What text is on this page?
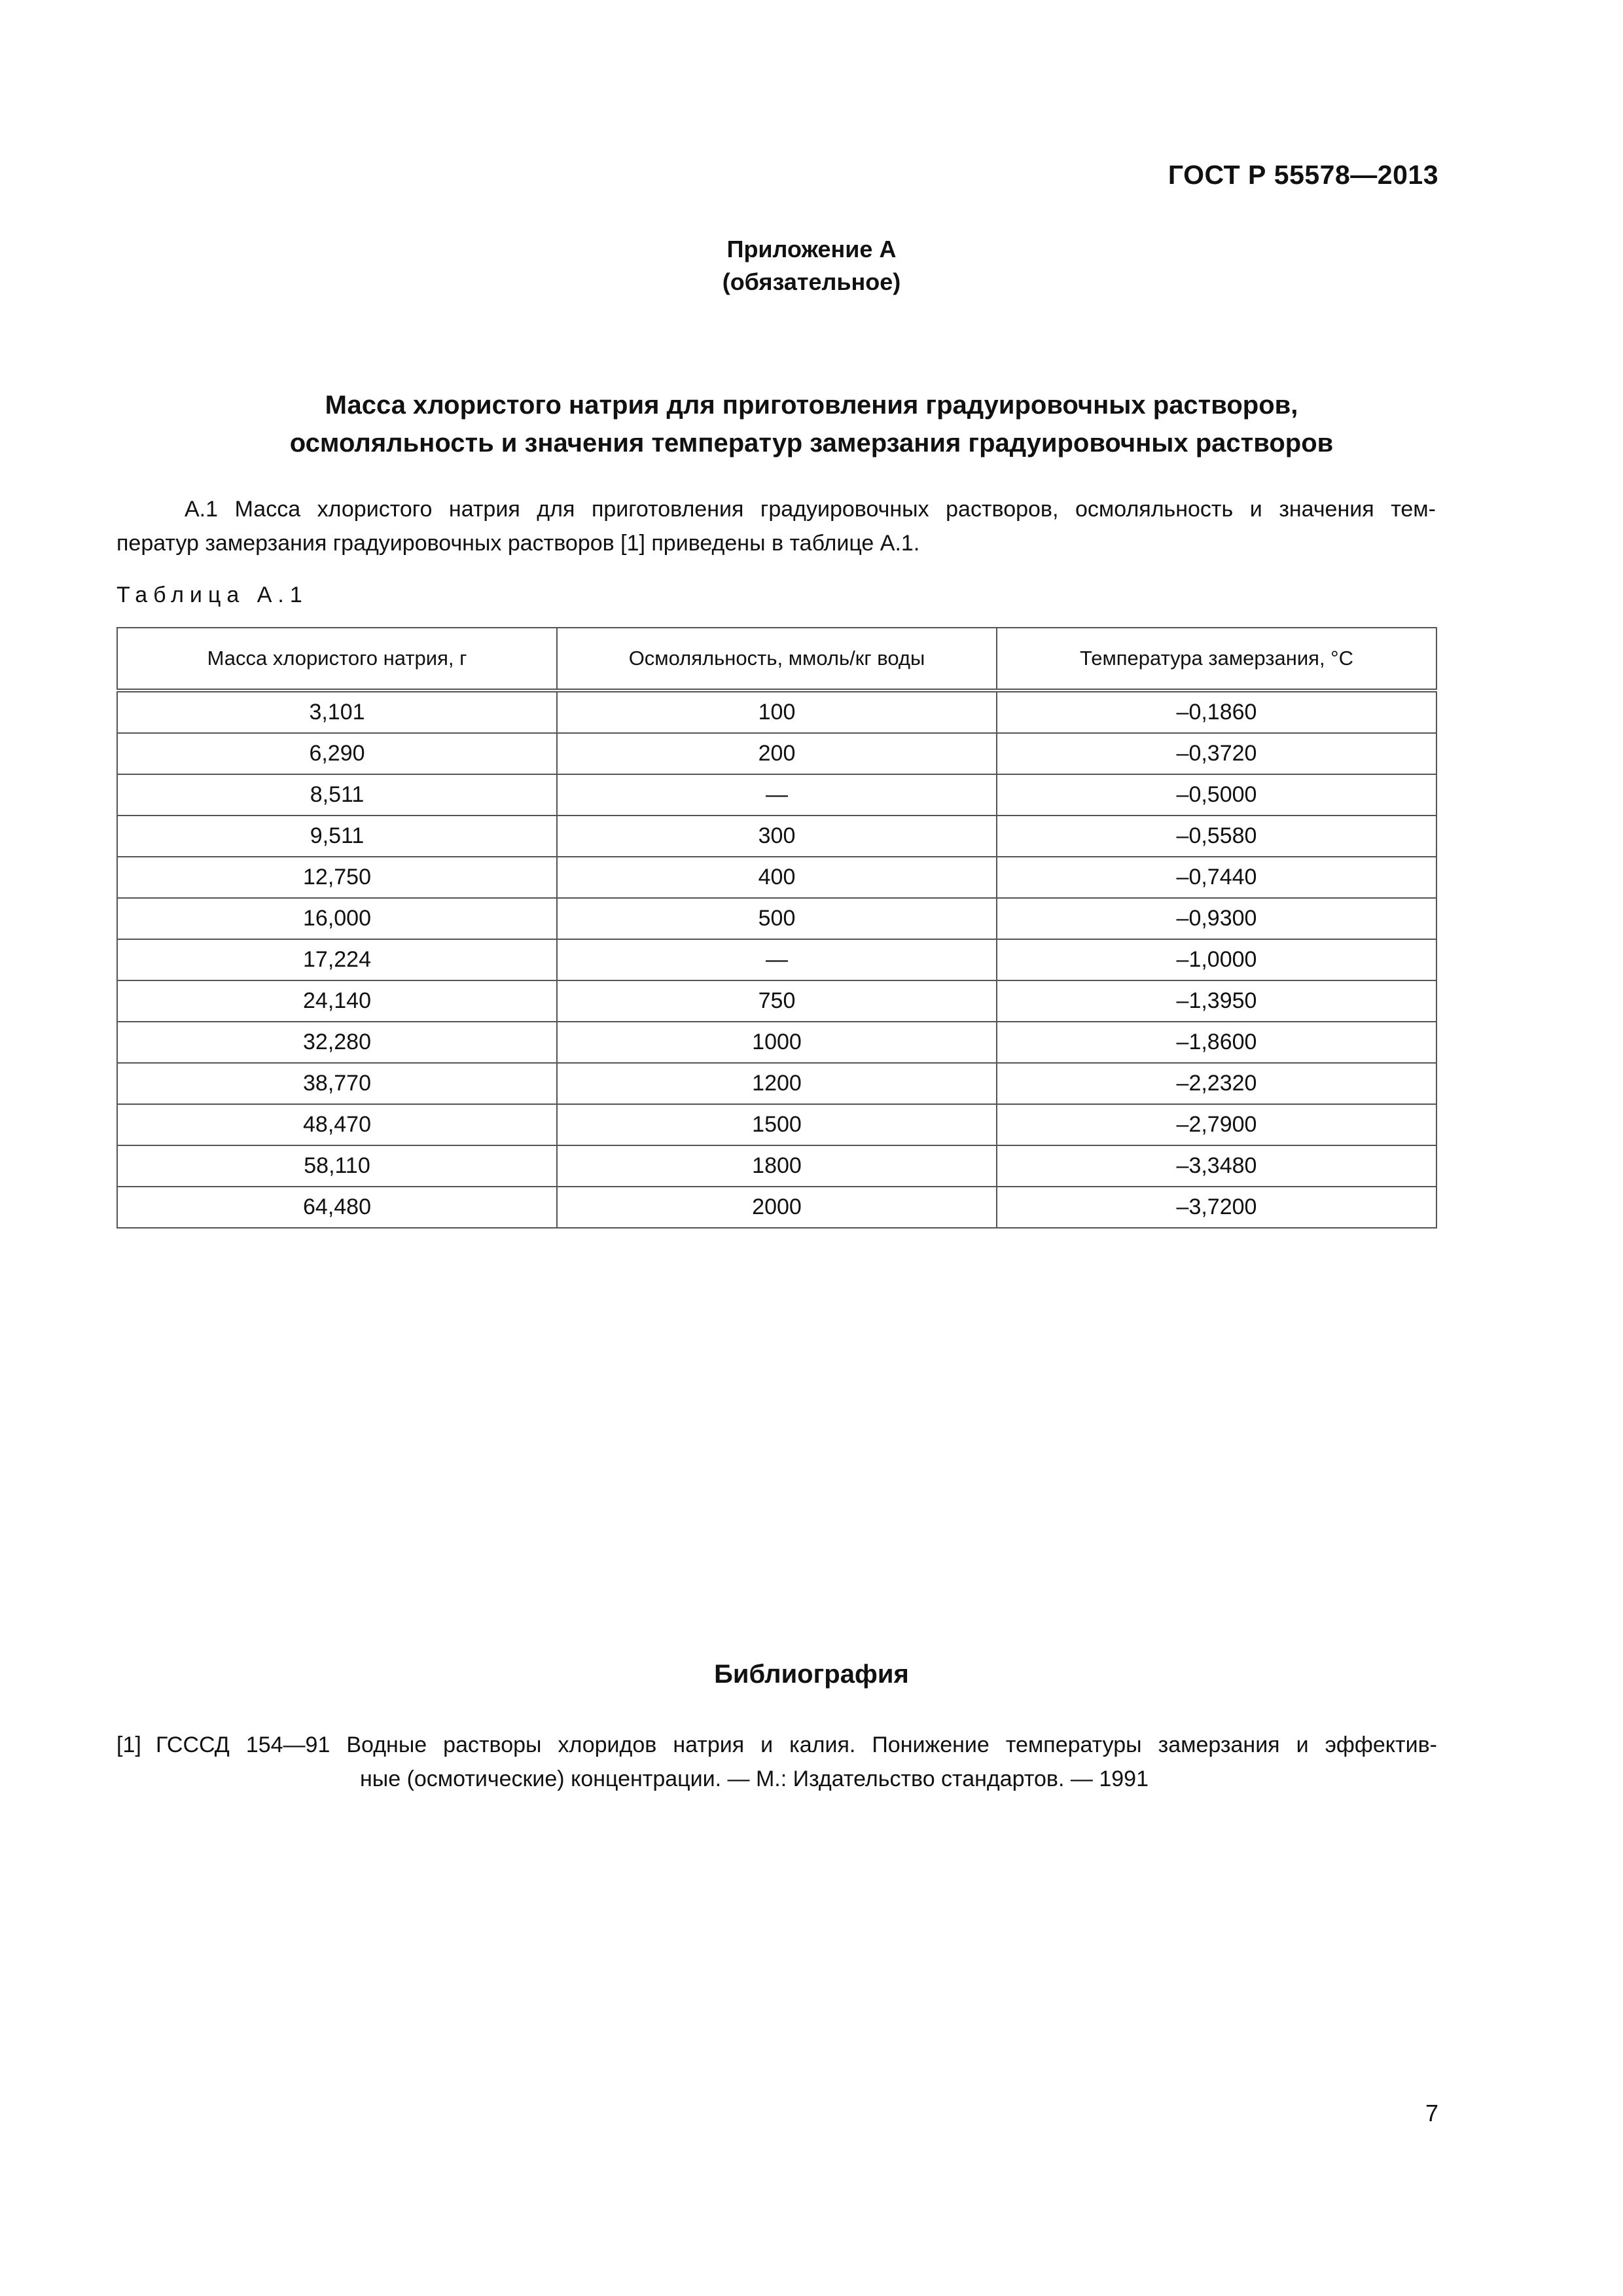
ГОСТ Р 55578—2013
Приложение А
(обязательное)
Масса хлористого натрия для приготовления градуировочных растворов,
осмоляльность и значения температур замерзания градуировочных растворов
А.1 Масса хлористого натрия для приготовления градуировочных растворов, осмоляльность и значения тем-
ператур замерзания градуировочных растворов [1] приведены в таблице А.1.
Таблица А.1
Масса хлористого натрия, г	Осмоляльность, ммоль/кг воды	Температура замерзания, °С
3,101	100	–0,1860
6,290	200	–0,3720
8,511	—	–0,5000
9,511	300	–0,5580
12,750	400	–0,7440
16,000	500	–0,9300
17,224	—	–1,0000
24,140	750	–1,3950
32,280	1000	–1,8600
38,770	1200	–2,2320
48,470	1500	–2,7900
58,110	1800	–3,3480
64,480	2000	–3,7200
Библиография
[1] ГСССД 154—91 Водные растворы хлоридов натрия и калия. Понижение температуры замерзания и эффектив-
ные (осмотические) концентрации. — М.: Издательство стандартов. — 1991
7
